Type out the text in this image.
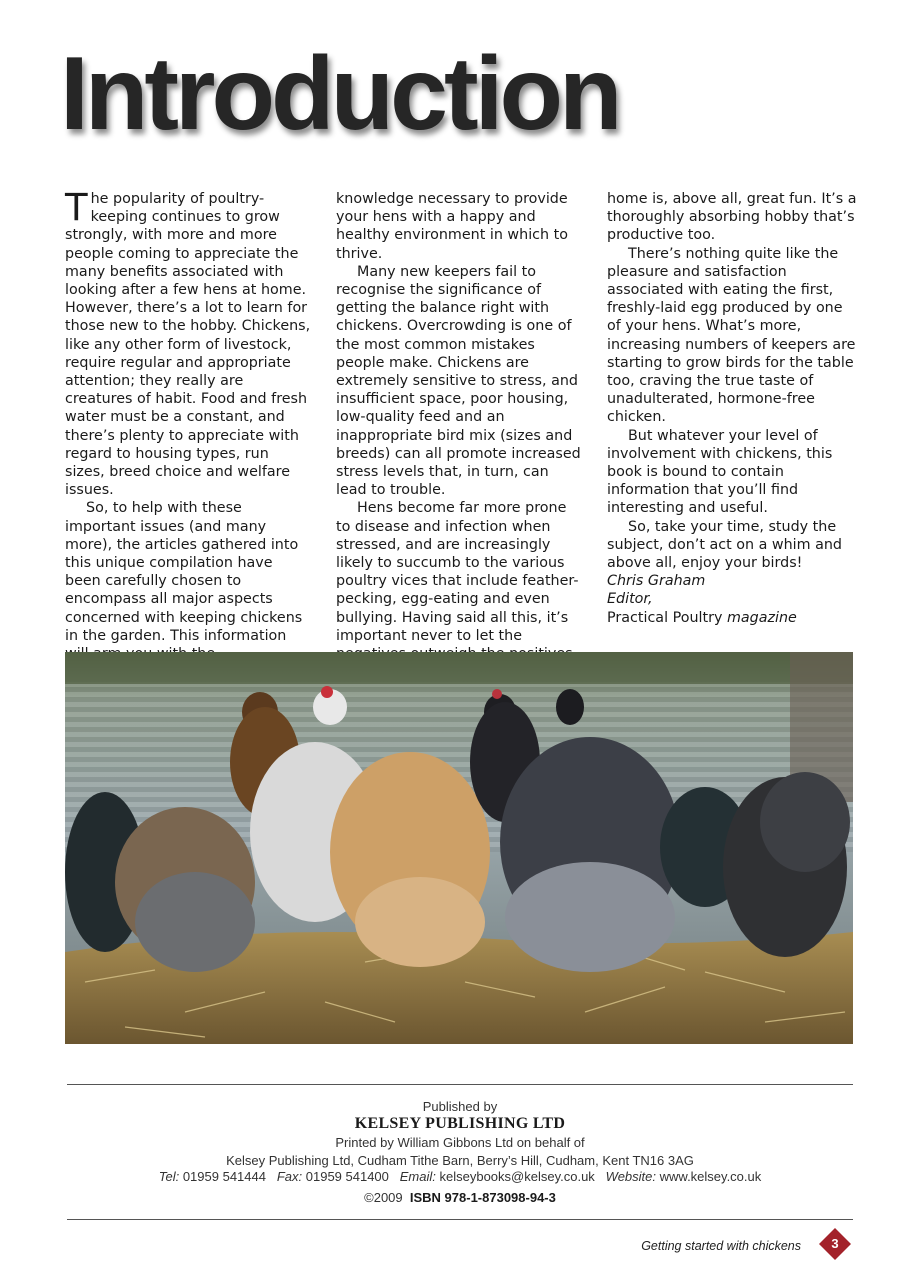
Introduction

The popularity of poultry-keeping continues to grow strongly, with more and more people coming to appreciate the many benefits associated with looking after a few hens at home. However, there’s a lot to learn for those new to the hobby. Chickens, like any other form of livestock, require regular and appropriate attention; they really are creatures of habit. Food and fresh water must be a constant, and there’s plenty to appreciate with regard to housing types, run sizes, breed choice and welfare issues.

So, to help with these important issues (and many more), the articles gathered into this unique compilation have been carefully chosen to encompass all major aspects concerned with keeping chickens in the garden. This information

knowledge necessary to provide your hens with a happy and healthy environment in which to thrive.

Many new keepers fail to recognise the significance of getting the balance right with chickens. Overcrowding is one of the most common mistakes people make. Chickens are extremely sensitive to stress, and insufficient space, poor housing, low-quality feed and an inappropriate bird mix (sizes and breeds) can all promote increased stress levels that, in turn, can lead to trouble.

Hens become far more prone to disease and infection when stressed, and are increasingly likely to succumb to the various poultry vices that include feather-pecking, egg-eating and even bullying. Having said all this, it’s important never to let the

home is, above all, great fun. It’s a thoroughly absorbing hobby that’s productive too.

There’s nothing quite like the pleasure and satisfaction associated with eating the first, freshly-laid egg produced by one of your hens. What’s more, increasing numbers of keepers are starting to grow birds for the table too, craving the true taste of unadulterated, hormone-free chicken.

But whatever your level of involvement with chickens, this book is bound to contain information that you’ll find interesting and useful.

So, take your time, study the subject, don’t act on a whim and above all, enjoy your birds!

Chris Graham

Editor,

Practical Poultry magazine

Published by
KELSEY PUBLISHING LTD
Printed by William Gibbons Ltd on behalf of
Kelsey Publishing Ltd, Cudham Tithe Barn, Berry’s Hill, Cudham, Kent TN16 3AG
Tel: 01959 541444 Fax: 01959 541400 Email: kelseybooks@kelsey.co.uk Website: www.kelsey.co.uk
©2009 ISBN 978-1-873098-94-3
Getting started with chickens	3
